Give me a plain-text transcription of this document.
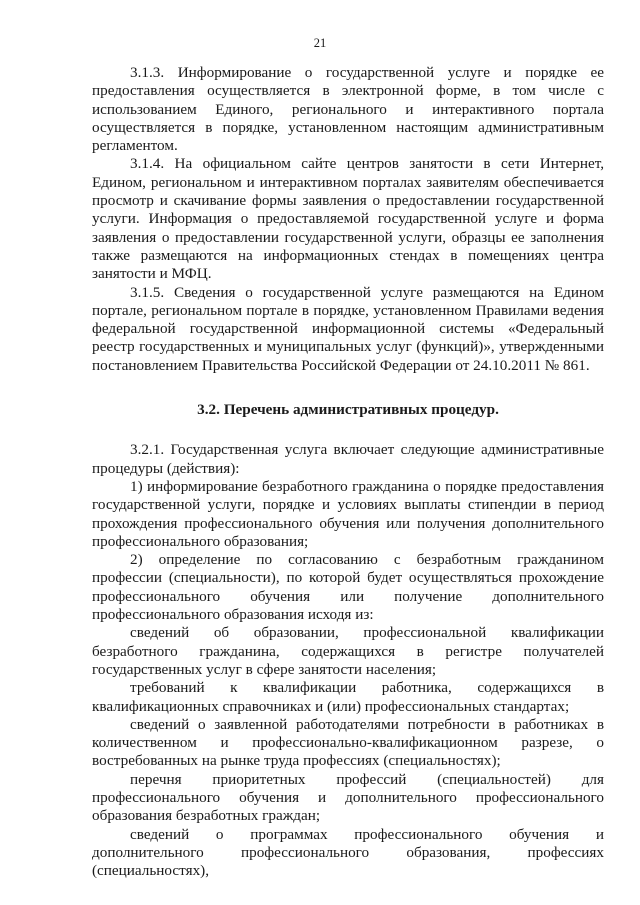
21

3.1.3. Информирование о государственной услуге и порядке ее предоставления осуществляется в электронной форме, в том числе с использованием Единого, регионального и интерактивного портала осуществляется в порядке, установленном настоящим административным регламентом.

3.1.4. На официальном сайте центров занятости в сети Интернет, Едином, региональном и интерактивном порталах заявителям обеспечивается просмотр и скачивание формы заявления о предоставлении государственной услуги. Информация о предоставляемой государственной услуге и форма заявления о предоставлении государственной услуги, образцы ее заполнения также размещаются на информационных стендах в помещениях центра занятости и МФЦ.

3.1.5. Сведения о государственной услуге размещаются на Едином портале, региональном портале в порядке, установленном Правилами ведения федеральной государственной информационной системы «Федеральный реестр государственных и муниципальных услуг (функций)», утвержденными постановлением Правительства Российской Федерации от 24.10.2011 № 861.

3.2. Перечень административных процедур.

3.2.1. Государственная услуга включает следующие административные процедуры (действия):

1) информирование безработного гражданина о порядке предоставления государственной услуги, порядке и условиях выплаты стипендии в период прохождения профессионального обучения или получения дополнительного профессионального образования;

2) определение по согласованию с безработным гражданином профессии (специальности), по которой будет осуществляться прохождение профессионального обучения или получение дополнительного профессионального образования исходя из:

сведений об образовании, профессиональной квалификации безработного гражданина, содержащихся в регистре получателей государственных услуг в сфере занятости населения;

требований к квалификации работника, содержащихся в квалификационных справочниках и (или) профессиональных стандартах;

сведений о заявленной работодателями потребности в работниках в количественном и профессионально-квалификационном разрезе, о востребованных на рынке труда профессиях (специальностях);

перечня приоритетных профессий (специальностей) для профессионального обучения и дополнительного профессионального образования безработных граждан;

сведений о программах профессионального обучения и дополнительного профессионального образования, профессиях (специальностях),
